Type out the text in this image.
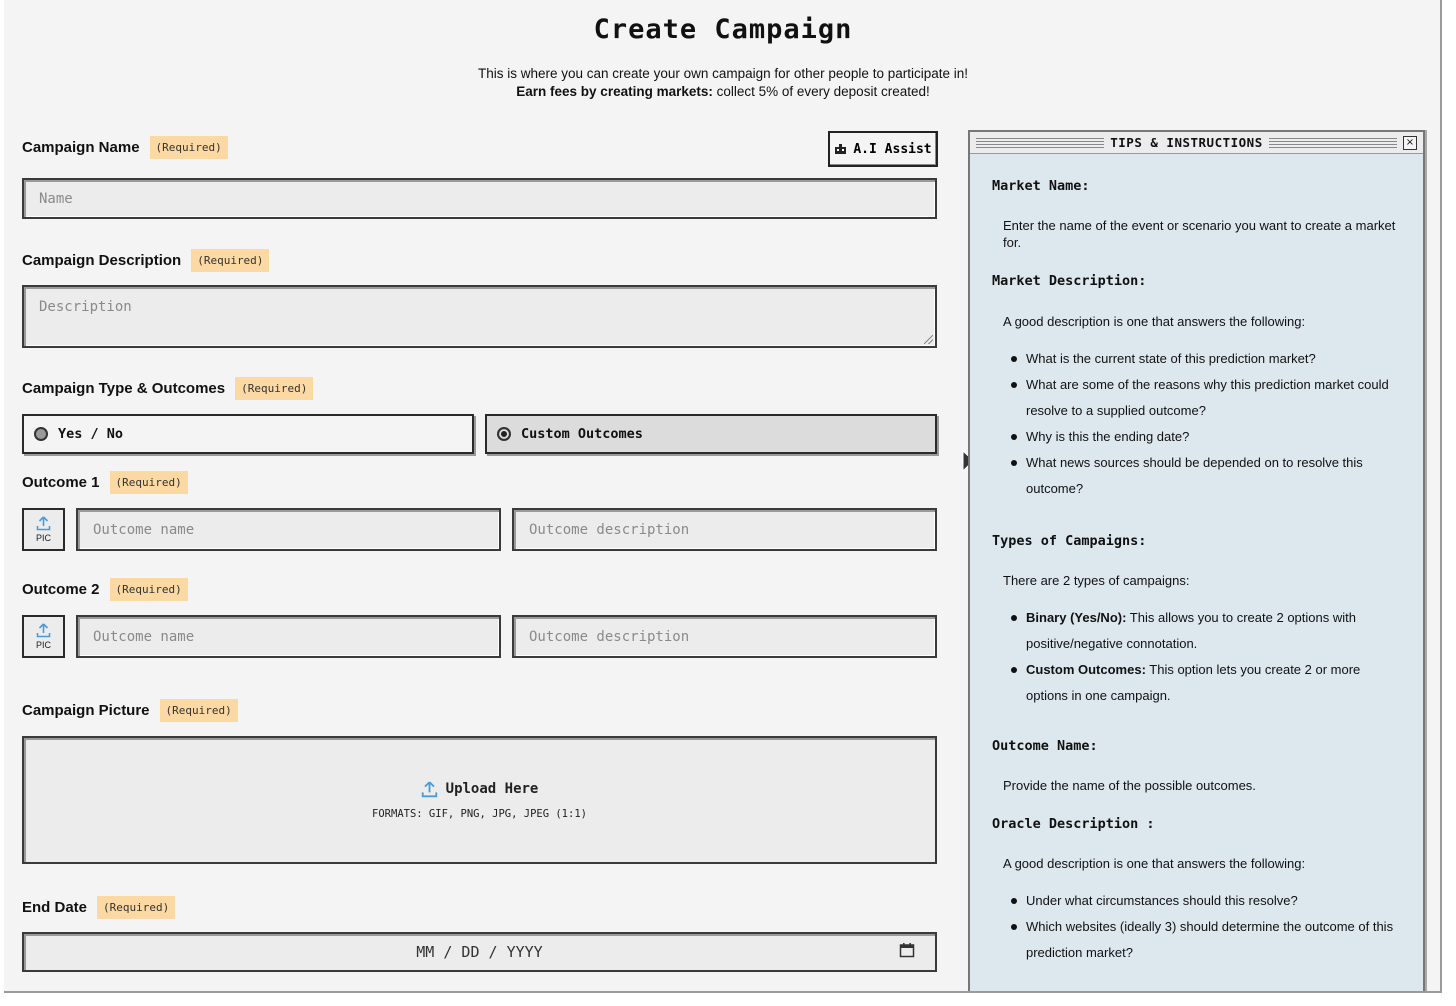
Create Campaign

This is where you can create your own campaign for other people to participate in!

Earn fees by creating markets: collect 5% of every deposit created!

Campaign Name	(Required)	A.I Assist
Name
Campaign Description	(Required)
Description
Campaign Type & Outcomes	(Required)
Yes / No	Custom Outcomes
Outcome 1	(Required)
PIC
Outcome name	Outcome description
Outcome 2	(Required)
PIC
Outcome name	Outcome description
Campaign Picture	(Required)
Upload Here
FORMATS: GIF, PNG, JPG, JPEG (1:1)
End Date	(Required)
MM / DD / YYYY
TIPS & INSTRUCTIONS	×
Market Name:
Enter the name of the event or scenario you want to create a market for.
Market Description:
A good description is one that answers the following:
What is the current state of this prediction market?
What are some of the reasons why this prediction market could resolve to a supplied outcome?
Why is this the ending date?
What news sources should be depended on to resolve this outcome?
Types of Campaigns:
There are 2 types of campaigns:
Binary (Yes/No): This allows you to create 2 options with positive/negative connotation.
Custom Outcomes: This option lets you create 2 or more options in one campaign.
Outcome Name:
Provide the name of the possible outcomes.
Oracle Description :
A good description is one that answers the following:
Under what circumstances should this resolve?
Which websites (ideally 3) should determine the outcome of this prediction market?
